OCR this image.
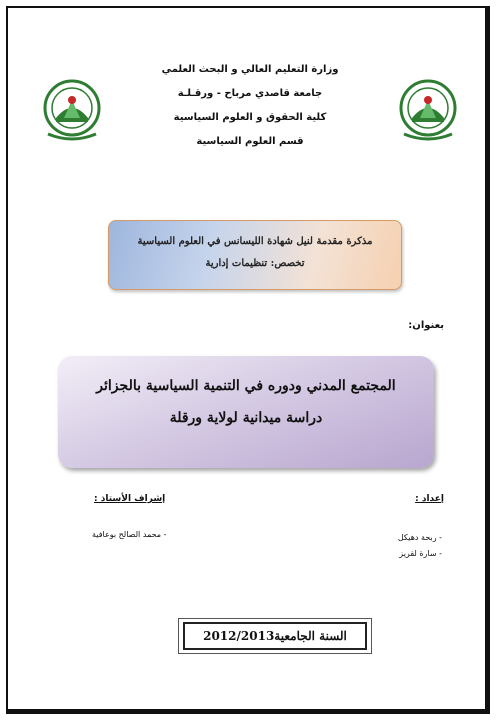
وزارة التعليم العالي و البحث العلمي
جامعة قاصدي مرباح - ورقـلـة
كلية الحقوق و العلوم السياسية
قسم العلوم السياسية
مذكرة مقدمة لنيل شهادة الليسانس في العلوم السياسية
تخصص: تنظيمات إدارية
بعنوان:
المجتمع المدني ودوره في التنمية السياسية بالجزائر
دراسة ميدانية لولاية ورقلة
إعداد :
إشراف الأستاذ :
- ربحة دهيكل
- سارة لقريز
- محمد الصالح بوعافية
السنة الجامعية2012/2013
